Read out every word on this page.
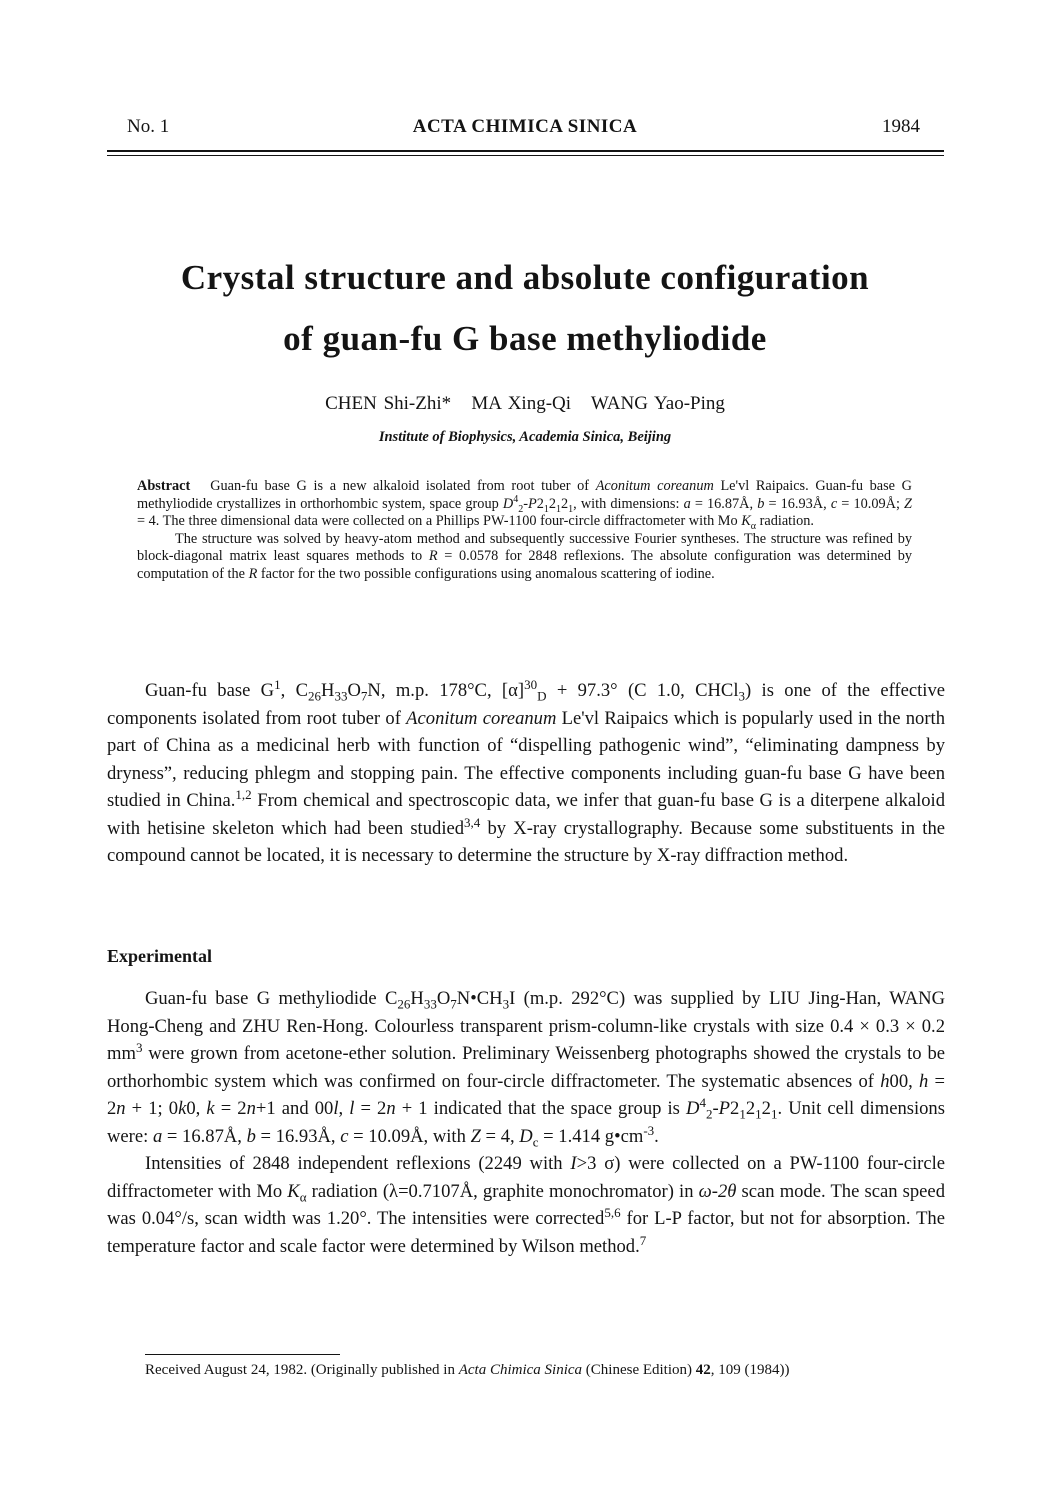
No. 1	ACTA CHIMICA SINICA	1984
Crystal structure and absolute configuration
of guan-fu G base methyliodide
CHEN Shi-Zhi*   MA Xing-Qi   WANG Yao-Ping
Institute of Biophysics, Academia Sinica, Beijing

Abstract Guan-fu base G is a new alkaloid isolated from root tuber of Aconitum coreanum Le'vl Raipaics. Guan-fu base G methyliodide crystallizes in orthorhombic system, space group $D^4_2-P2_12_12_1$, with dimensions: a = 16.87Å, b = 16.93Å, c = 10.09Å; Z = 4. The three dimensional data were collected on a Phillips PW-1100 four-circle diffractometer with Mo $K_\alpha$ radiation.

The structure was solved by heavy-atom method and subsequently successive Fourier syntheses. The structure was refined by block-diagonal matrix least squares methods to R = 0.0578 for 2848 reflexions. The absolute configuration was determined by computation of the R factor for the two possible configurations using anomalous scattering of iodine.

Guan-fu base $G^1$, $C_{26}H_{33}O_7N$, m.p. 178°C, $[\alpha]^{30}_D + 97.3^\circ$ (C 1.0, CHCl$_3$) is one of the effective components isolated from root tuber of Aconitum coreanum Le'vl Raipaics which is popularly used in the north part of China as a medicinal herb with function of “dispelling pathogenic wind”, “eliminating dampness by dryness”, reducing phlegm and stopping pain. The effective components including guan-fu base G have been studied in China.$^{1,2}$ From chemical and spectroscopic data, we infer that guan-fu base G is a diterpene alkaloid with hetisine skeleton which had been studied$^{3,4}$ by X-ray crystallography. Because some substituents in the compound cannot be located, it is necessary to determine the structure by X-ray diffraction method.

Experimental

Guan-fu base G methyliodide $C_{26}H_{33}O_7N•CH_3I$ (m.p. 292°C) was supplied by LIU Jing-Han, WANG Hong-Cheng and ZHU Ren-Hong. Colourless transparent prism-column-like crystals with size 0.4 × 0.3 × 0.2 $mm^3$ were grown from acetone-ether solution. Preliminary Weissenberg photographs showed the crystals to be orthorhombic system which was confirmed on four-circle diffractometer. The systematic absences of h00, h = 2n + 1; 0k0, k = 2n+1 and 00l, l = 2n + 1 indicated that the space group is $D^4_2-P2_12_12_1$. Unit cell dimensions were: a = 16.87Å, b = 16.93Å, c = 10.09Å, with Z = 4, $D_c = 1.414$ $g•cm^{-3}$.

Intensities of 2848 independent reflexions (2249 with I>3 σ) were collected on a PW-1100 four-circle diffractometer with Mo $K_\alpha$ radiation (λ=0.7107Å, graphite monochromator) in ω-2θ scan mode. The scan speed was 0.04°/s, scan width was 1.20°. The intensities were corrected$^{5,6}$ for L-P factor, but not for absorption. The temperature factor and scale factor were determined by Wilson method.$^7$

Received August 24, 1982. (Originally published in Acta Chimica Sinica (Chinese Edition) 42, 109 (1984))
